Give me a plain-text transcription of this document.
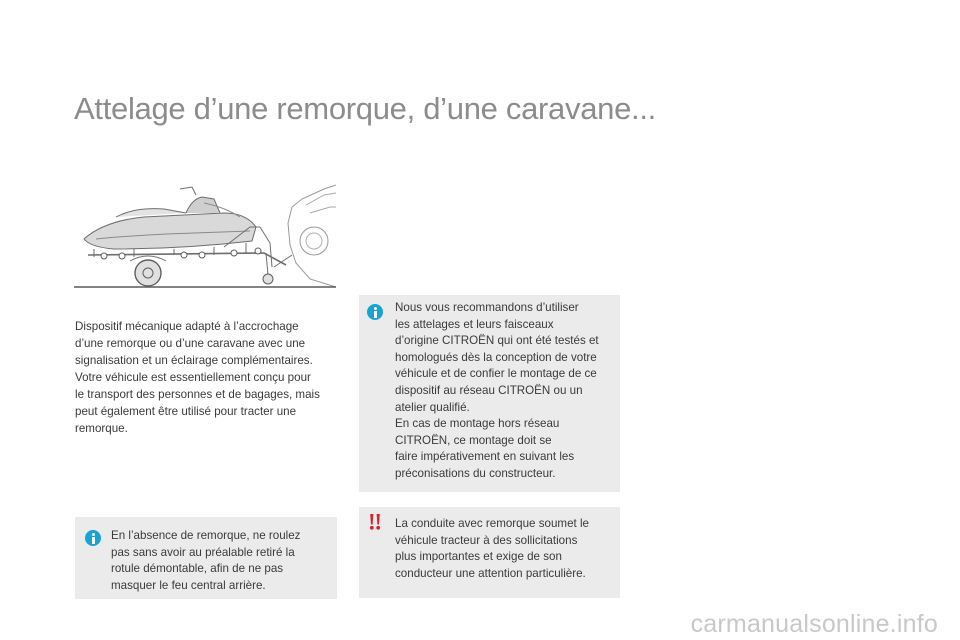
Attelage d’une remorque, d’une caravane...
Dispositif mécanique adapté à l’accrochage
d’une remorque ou d’une caravane avec une
signalisation et un éclairage complémentaires.
Votre véhicule est essentiellement conçu pour
le transport des personnes et de bagages, mais
peut également être utilisé pour tracter une
remorque.
En l’absence de remorque, ne roulez
pas sans avoir au préalable retiré la
rotule démontable, afin de ne pas
masquer le feu central arrière.
Nous vous recommandons d’utiliser
les attelages et leurs faisceaux
d’origine CITROËN qui ont été testés et
homologués dès la conception de votre
véhicule et de confier le montage de ce
dispositif au réseau CITROËN ou un
atelier qualifié.
En cas de montage hors réseau
CITROËN, ce montage doit se
faire impérativement en suivant les
préconisations du constructeur.
La conduite avec remorque soumet le
véhicule tracteur à des sollicitations
plus importantes et exige de son
conducteur une attention particulière.
carmanualsonline.info
